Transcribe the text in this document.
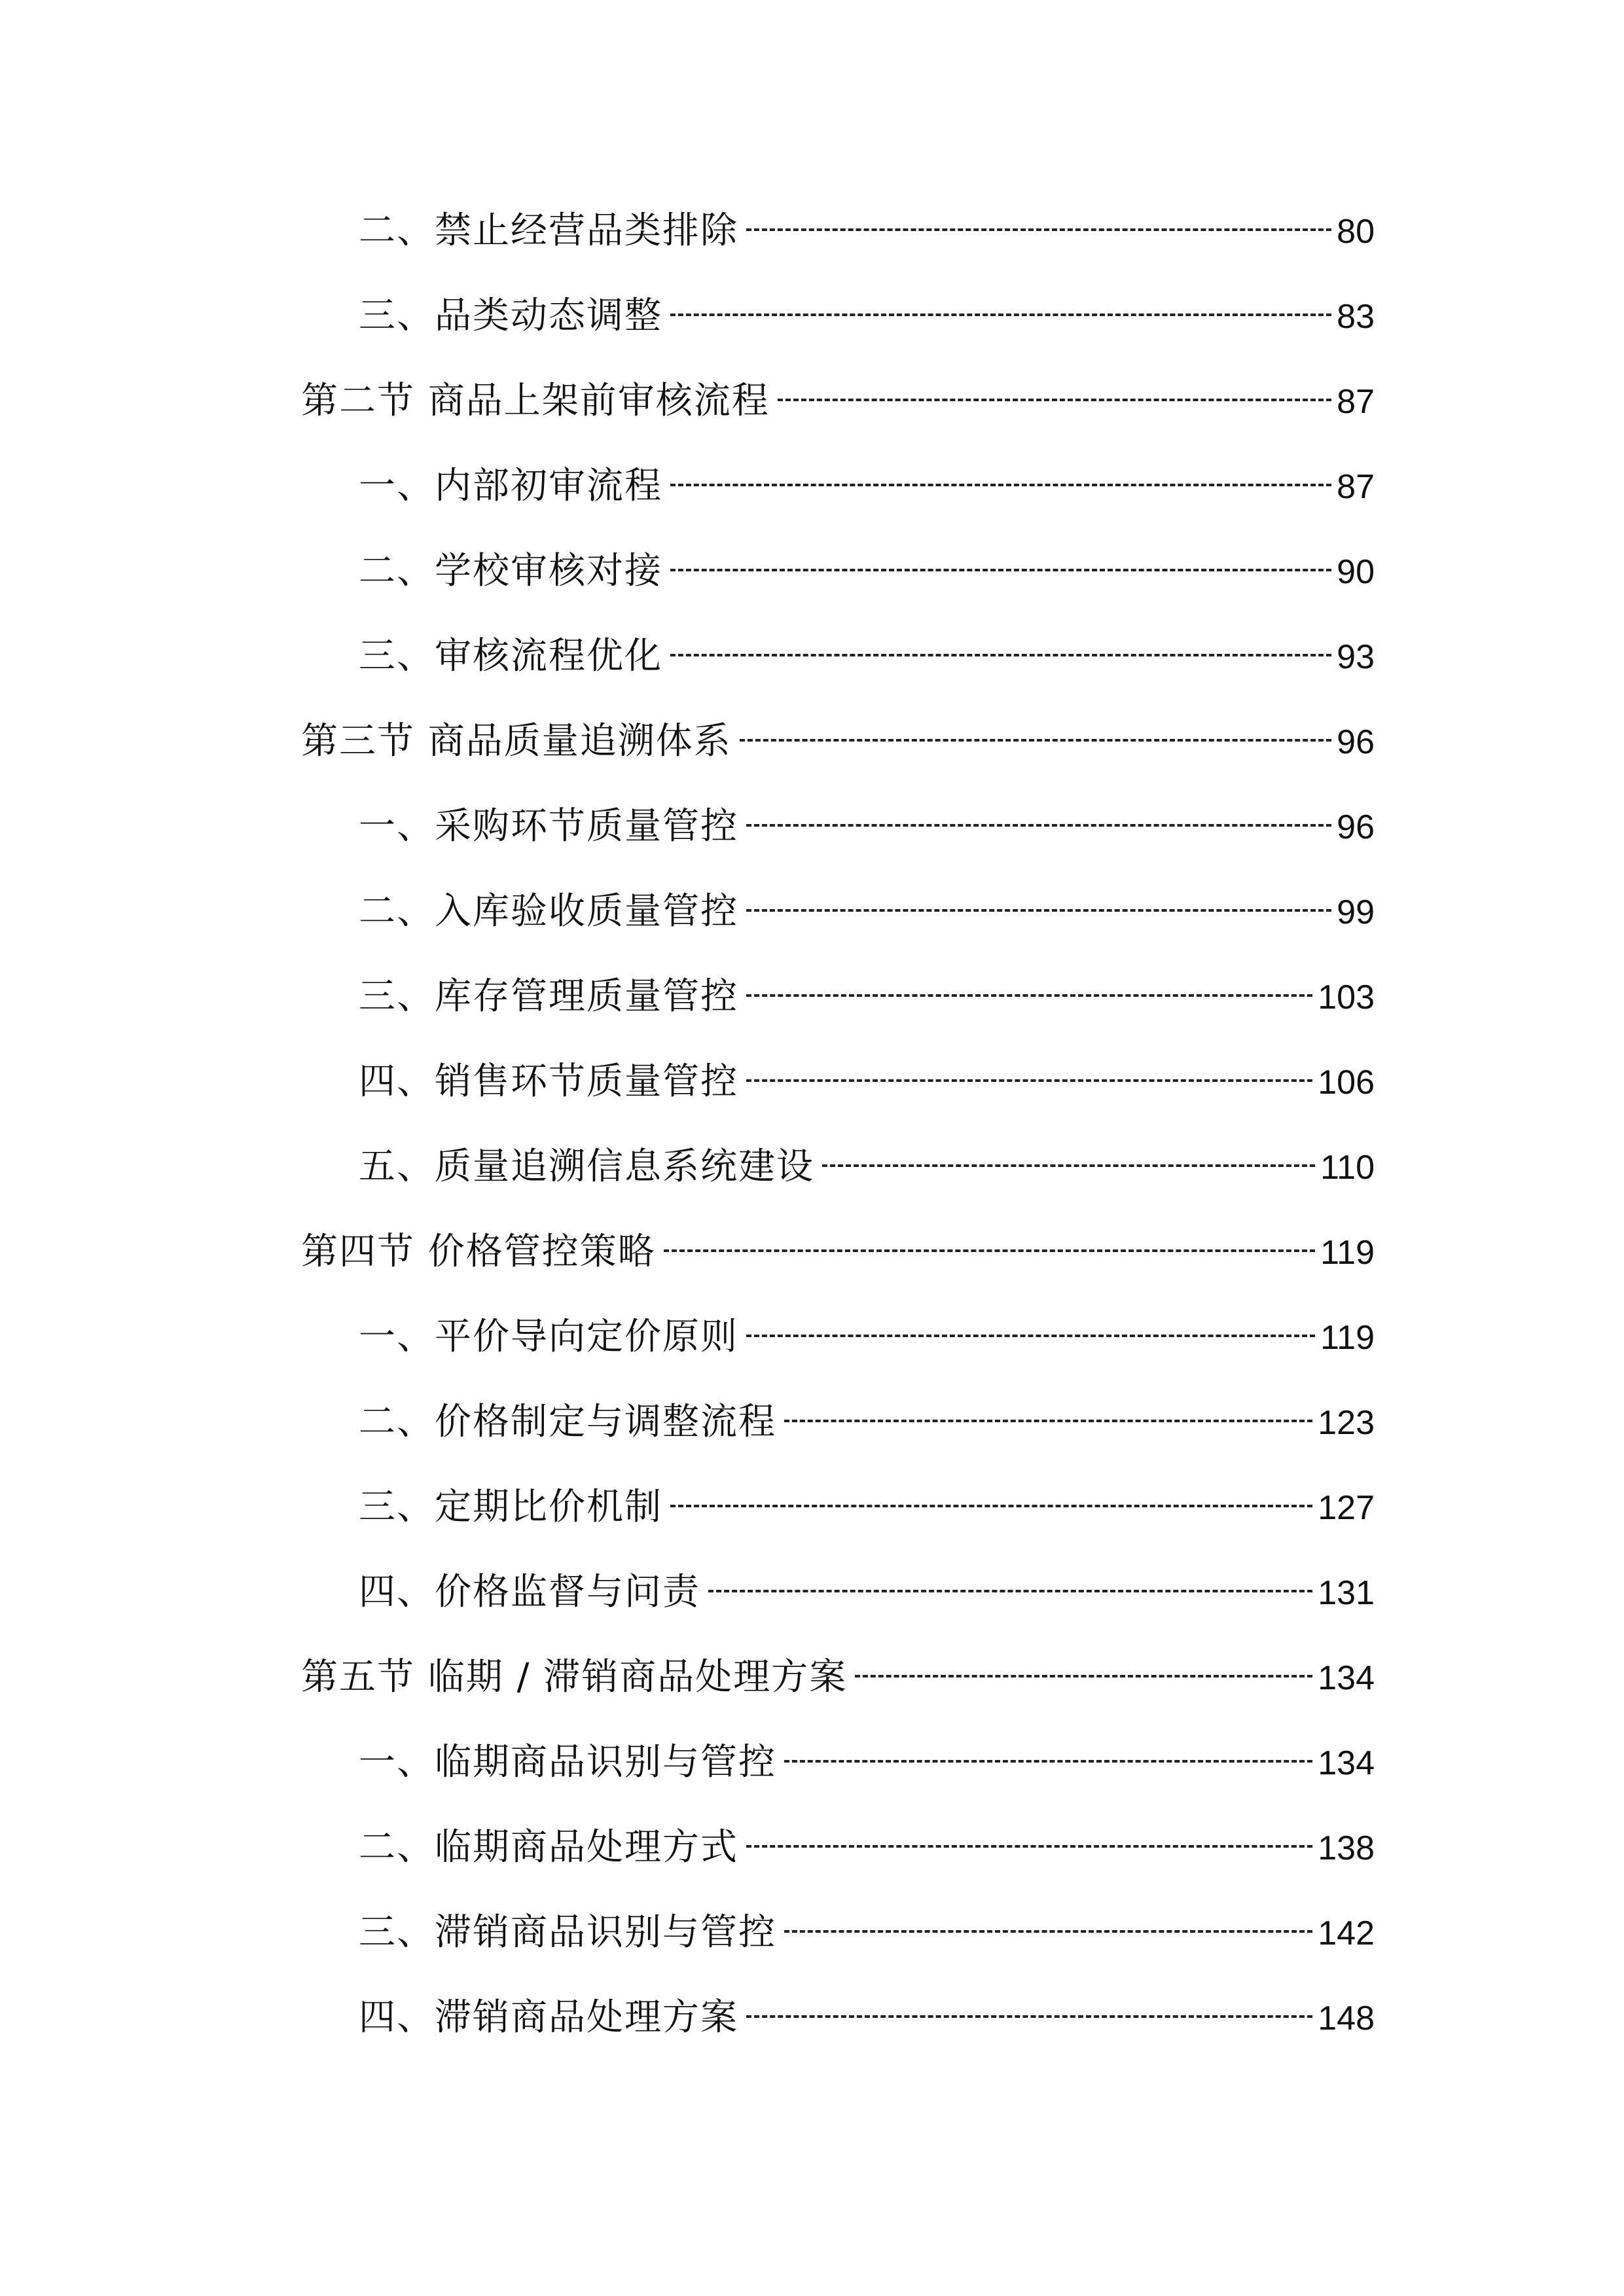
二、禁止经营品类排除	80
三、品类动态调整	83
第二节 商品上架前审核流程	87
一、内部初审流程	87
二、学校审核对接	90
三、审核流程优化	93
第三节 商品质量追溯体系	96
一、采购环节质量管控	96
二、入库验收质量管控	99
三、库存管理质量管控	103
四、销售环节质量管控	106
五、质量追溯信息系统建设	110
第四节 价格管控策略	119
一、平价导向定价原则	119
二、价格制定与调整流程	123
三、定期比价机制	127
四、价格监督与问责	131
第五节 临期 / 滞销商品处理方案	134
一、临期商品识别与管控	134
二、临期商品处理方式	138
三、滞销商品识别与管控	142
四、滞销商品处理方案	148
